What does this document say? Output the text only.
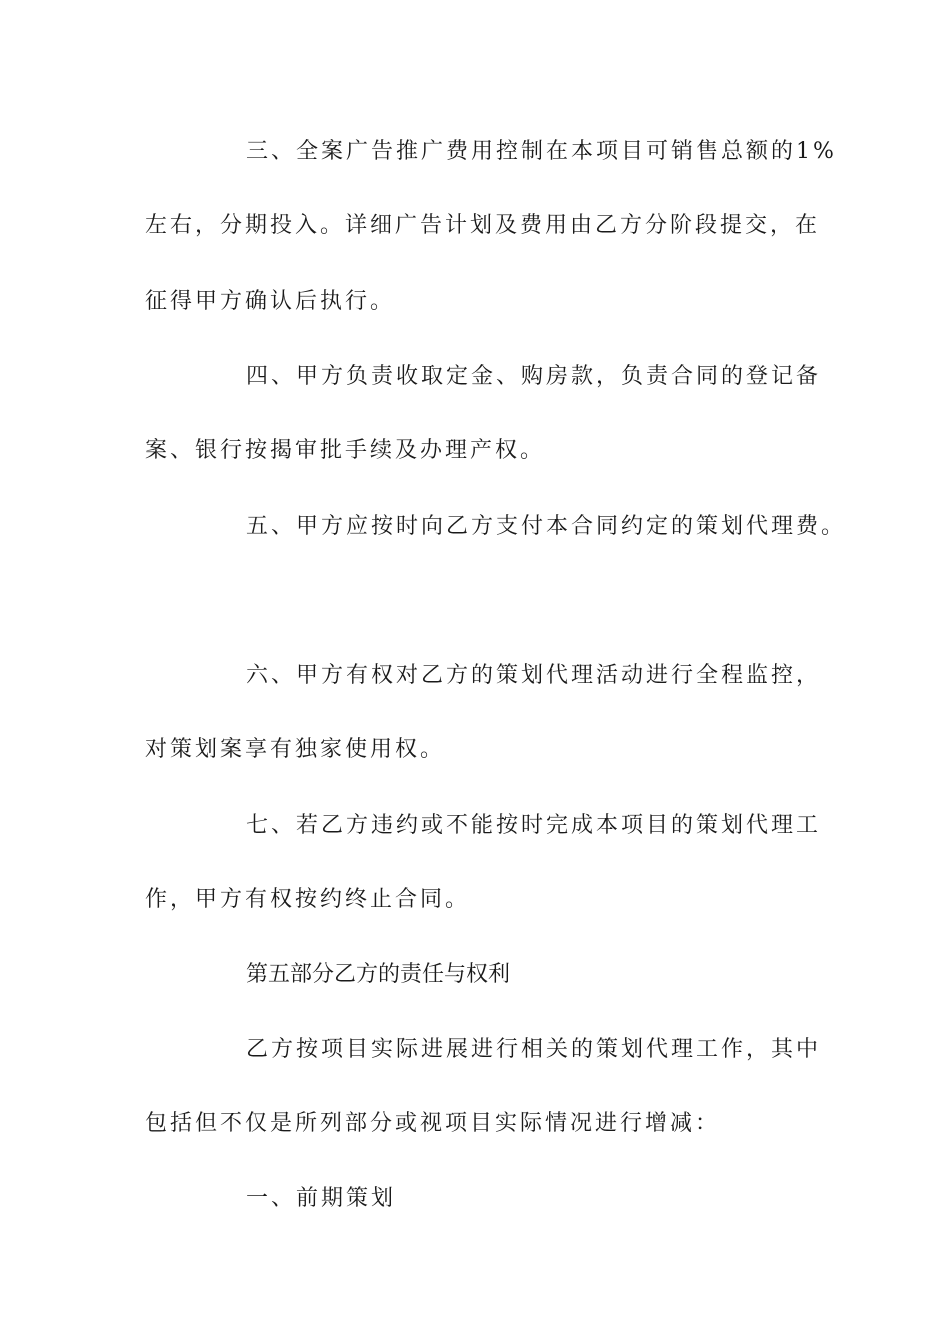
三、全案广告推广费用控制在本项目可销售总额的1%

左右，分期投入。详细广告计划及费用由乙方分阶段提交，在

征得甲方确认后执行。

四、甲方负责收取定金、购房款，负责合同的登记备

案、银行按揭审批手续及办理产权。

五、甲方应按时向乙方支付本合同约定的策划代理费。

六、甲方有权对乙方的策划代理活动进行全程监控，

对策划案享有独家使用权。

七、若乙方违约或不能按时完成本项目的策划代理工

作，甲方有权按约终止合同。

第五部分乙方的责任与权利

乙方按项目实际进展进行相关的策划代理工作，其中

包括但不仅是所列部分或视项目实际情况进行增减：

一、前期策划
